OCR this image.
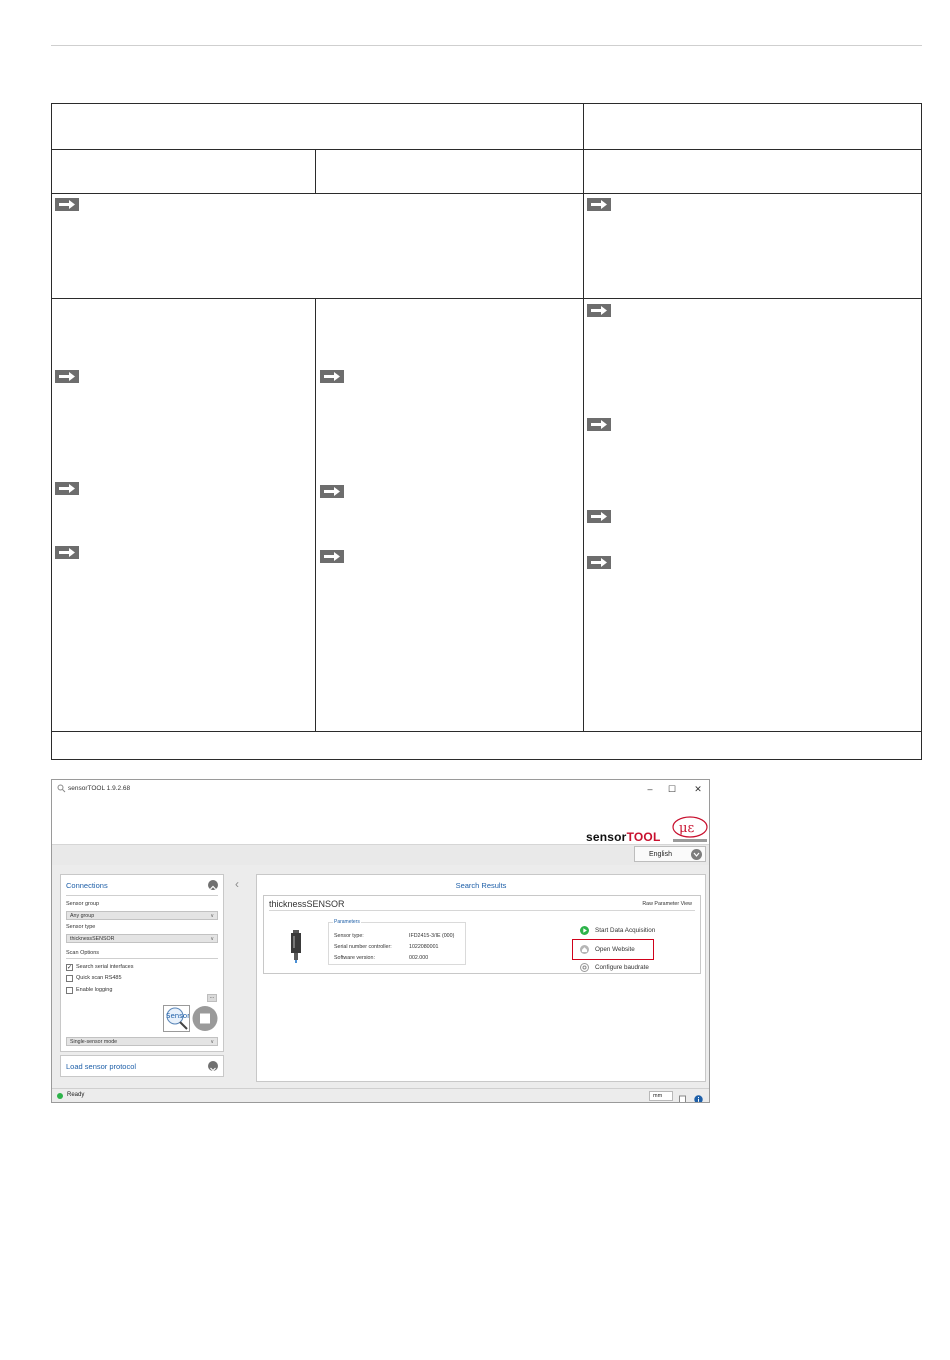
sensorTOOL 1.9.2.68	–	☐	✕
sensorTOOL
με
English
Connections
Sensor group
Any group	∨
Sensor type
thicknessSENSOR	∨
Scan Options
✓ Search serial interfaces
Quick scan RS485
Enable logging
...
Sensor
Single-sensor mode	∨
Load sensor protocol
‹	Search Results
thicknessSENSOR	Raw Parameter View
Parameters
Sensor type:	IFD2415-3/IE (000)
Serial number controller:	1022080001
Software version:	002.000
Start Data Acquisition
Open Website
Configure baudrate
Ready	mm
